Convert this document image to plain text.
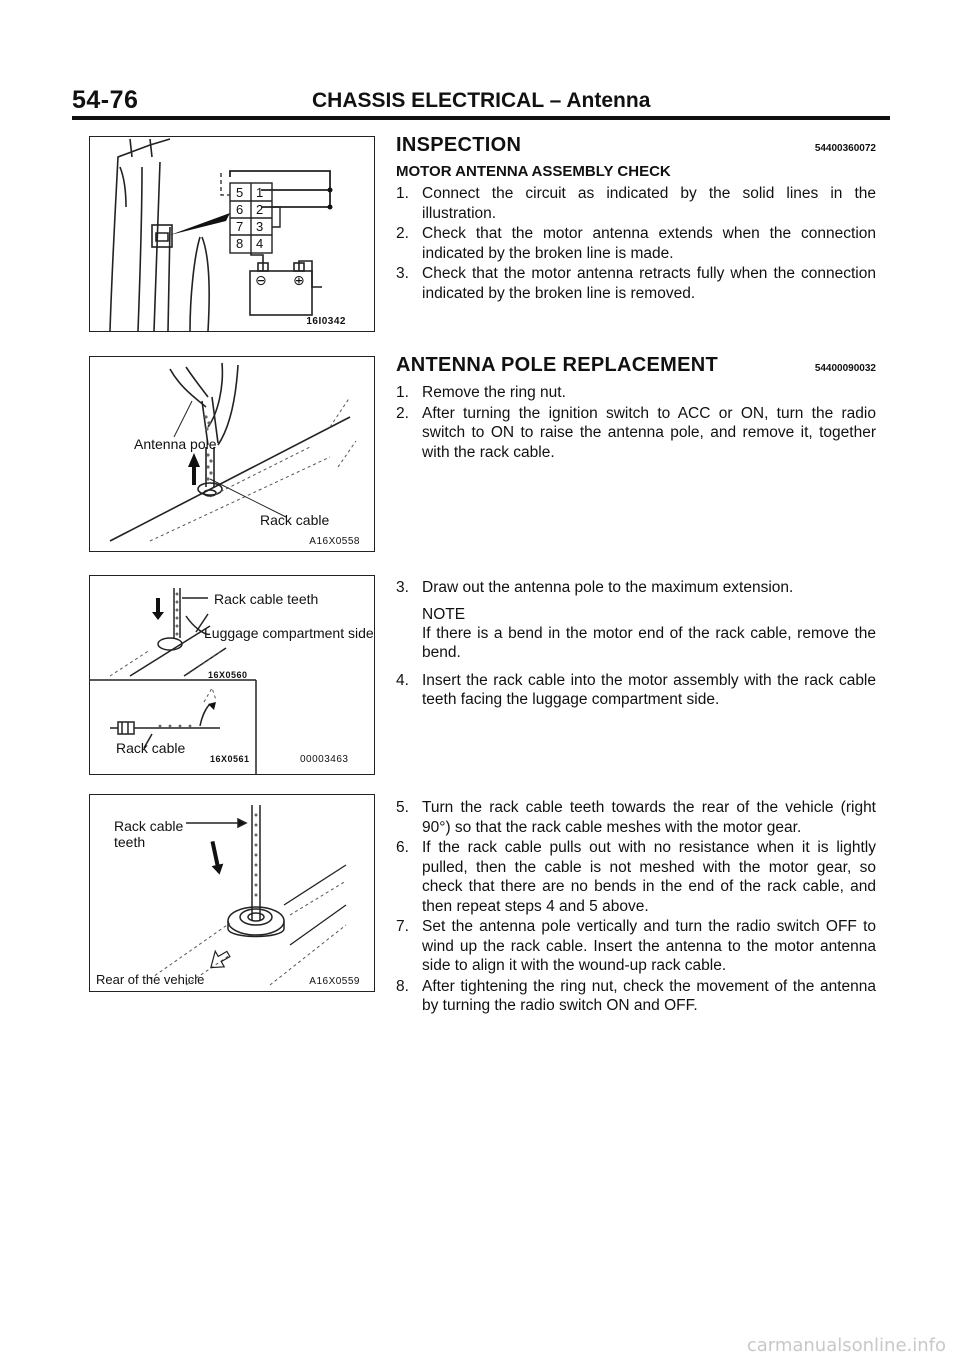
54-76	CHASSIS ELECTRICAL – Antenna
5 1
6 2
7 3
8 4
⊖ ⊕
16I0342
Antenna pole
Rack cable
A16X0558
Rack cable teeth
Luggage compartment side
16X0560
Rack cable
16X0561	00003463
Rack cable
teeth
Rear of the vehicle	A16X0559
INSPECTION	54400360072
MOTOR ANTENNA ASSEMBLY CHECK
1. Connect the circuit as indicated by the solid lines in the illustration.
2. Check that the motor antenna extends when the connection indicated by the broken line is made.
3. Check that the motor antenna retracts fully when the connection indicated by the broken line is removed.
ANTENNA POLE REPLACEMENT	54400090032
1. Remove the ring nut.
2. After turning the ignition switch to ACC or ON, turn the radio switch to ON to raise the antenna pole, and remove it, together with the rack cable.
3. Draw out the antenna pole to the maximum extension.
NOTE
If there is a bend in the motor end of the rack cable, remove the bend.
4. Insert the rack cable into the motor assembly with the rack cable teeth facing the luggage compartment side.
5. Turn the rack cable teeth towards the rear of the vehicle (right 90°) so that the rack cable meshes with the motor gear.
6. If the rack cable pulls out with no resistance when it is lightly pulled, then the cable is not meshed with the motor gear, so check that there are no bends in the end of the rack cable, and then repeat steps 4 and 5 above.
7. Set the antenna pole vertically and turn the radio switch OFF to wind up the rack cable. Insert the antenna to the motor antenna side to align it with the wound-up rack cable.
8. After tightening the ring nut, check the movement of the antenna by turning the radio switch ON and OFF.
carmanualsonline.info
